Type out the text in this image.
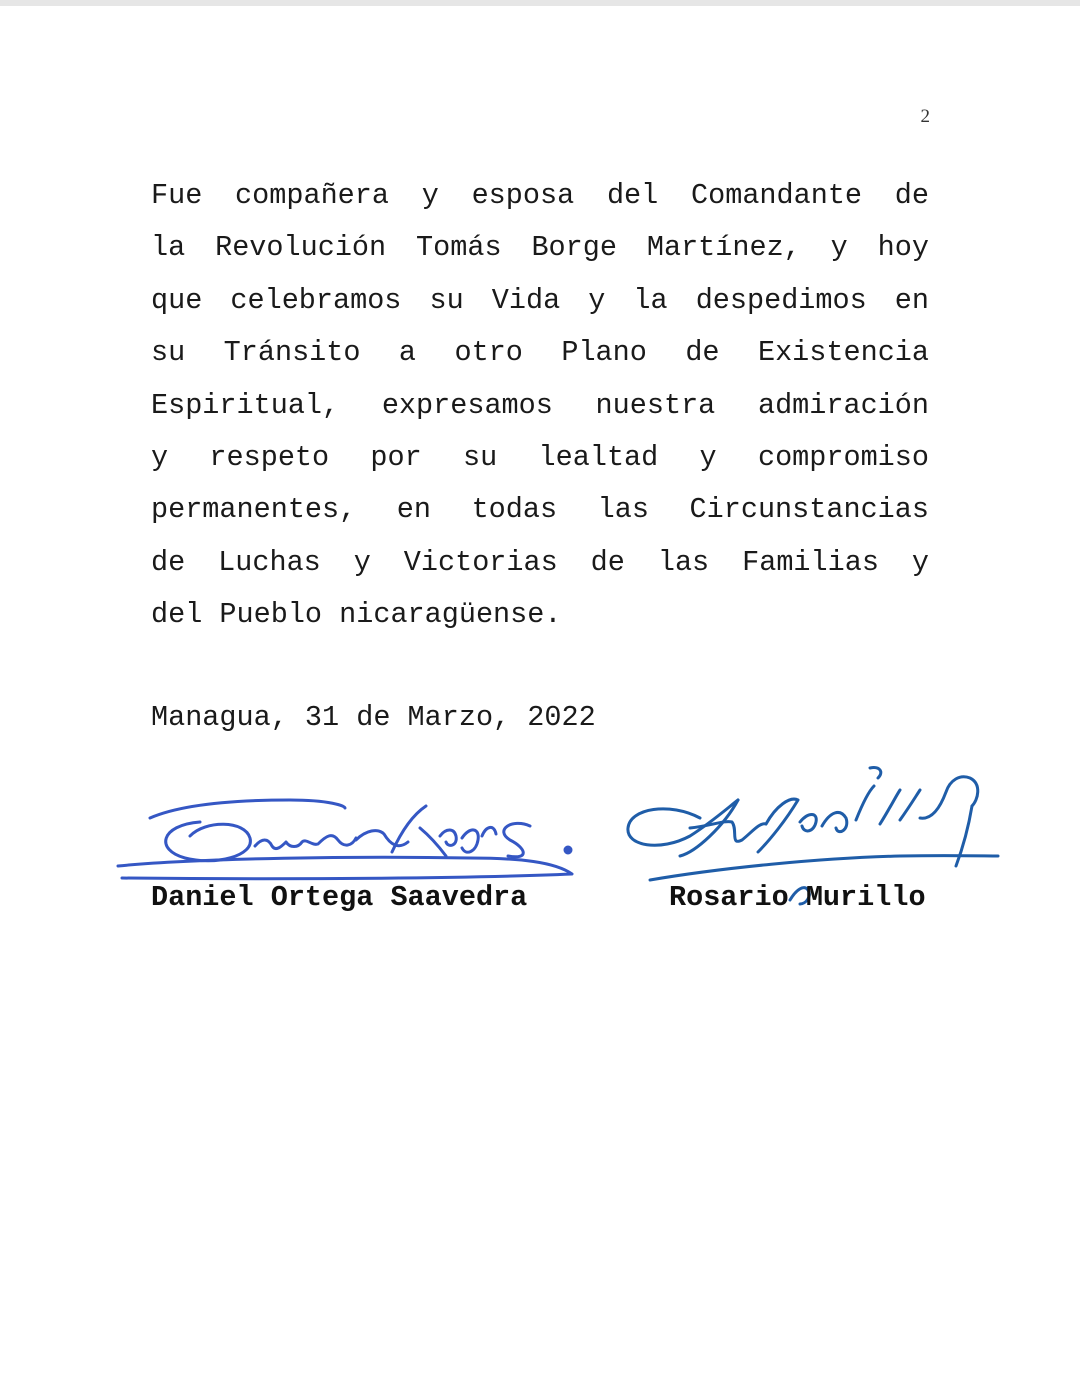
2
Fue compañera y esposa del Comandante de
la Revolución Tomás Borge Martínez, y hoy
que celebramos su Vida y la despedimos en
su Tránsito a otro Plano de Existencia
Espiritual, expresamos nuestra admiración
y respeto por su lealtad y compromiso
permanentes, en todas las Circunstancias
de Luchas y Victorias de las Familias y
del Pueblo nicaragüense.
Managua, 31 de Marzo, 2022
Daniel Ortega Saavedra	Rosario Murillo
